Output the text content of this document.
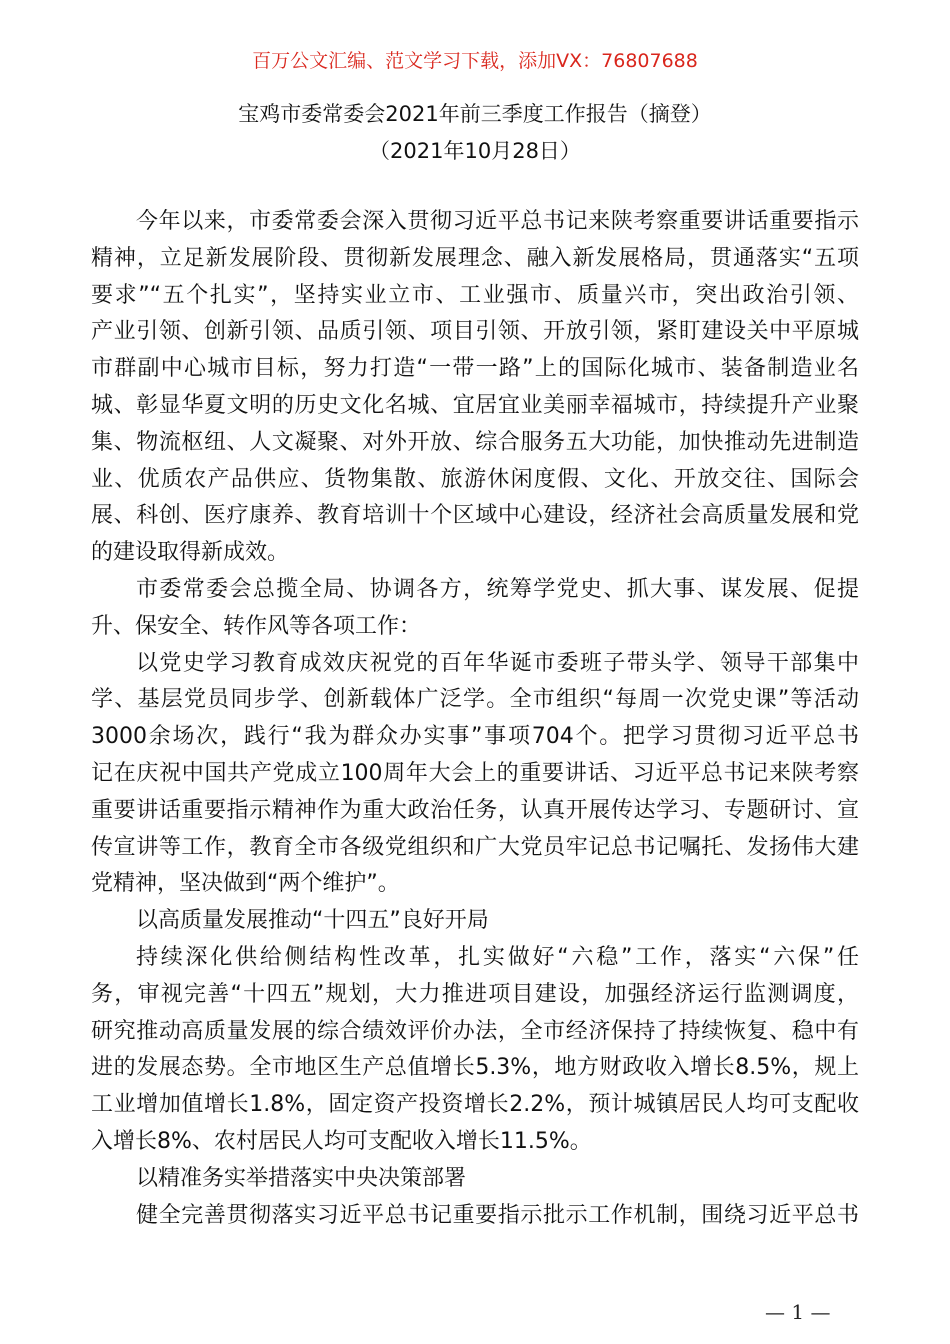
百万公文汇编、范文学习下载，添加VX：76807688
宝鸡市委常委会2021年前三季度工作报告（摘登）
（2021年10月28日）
今年以来，市委常委会深入贯彻习近平总书记来陕考察重要讲话重要指示
精神，立足新发展阶段、贯彻新发展理念、融入新发展格局，贯通落实“五项
要求”“五个扎实”，坚持实业立市、工业强市、质量兴市，突出政治引领、
产业引领、创新引领、品质引领、项目引领、开放引领，紧盯建设关中平原城
市群副中心城市目标，努力打造“一带一路”上的国际化城市、装备制造业名
城、彰显华夏文明的历史文化名城、宜居宜业美丽幸福城市，持续提升产业聚
集、物流枢纽、人文凝聚、对外开放、综合服务五大功能，加快推动先进制造
业、优质农产品供应、货物集散、旅游休闲度假、文化、开放交往、国际会
展、科创、医疗康养、教育培训十个区域中心建设，经济社会高质量发展和党
的建设取得新成效。
市委常委会总揽全局、协调各方，统筹学党史、抓大事、谋发展、促提
升、保安全、转作风等各项工作：
以党史学习教育成效庆祝党的百年华诞市委班子带头学、领导干部集中
学、基层党员同步学、创新载体广泛学。全市组织“每周一次党史课”等活动
3000余场次，践行“我为群众办实事”事项704个。把学习贯彻习近平总书
记在庆祝中国共产党成立100周年大会上的重要讲话、习近平总书记来陕考察
重要讲话重要指示精神作为重大政治任务，认真开展传达学习、专题研讨、宣
传宣讲等工作，教育全市各级党组织和广大党员牢记总书记嘱托、发扬伟大建
党精神，坚决做到“两个维护”。
以高质量发展推动“十四五”良好开局
持续深化供给侧结构性改革，扎实做好“六稳”工作，落实“六保”任
务，审视完善“十四五”规划，大力推进项目建设，加强经济运行监测调度，
研究推动高质量发展的综合绩效评价办法，全市经济保持了持续恢复、稳中有
进的发展态势。全市地区生产总值增长5.3%，地方财政收入增长8.5%，规上
工业增加值增长1.8%，固定资产投资增长2.2%，预计城镇居民人均可支配收
入增长8%、农村居民人均可支配收入增长11.5%。
以精准务实举措落实中央决策部署
健全完善贯彻落实习近平总书记重要指示批示工作机制，围绕习近平总书
— 1 —
